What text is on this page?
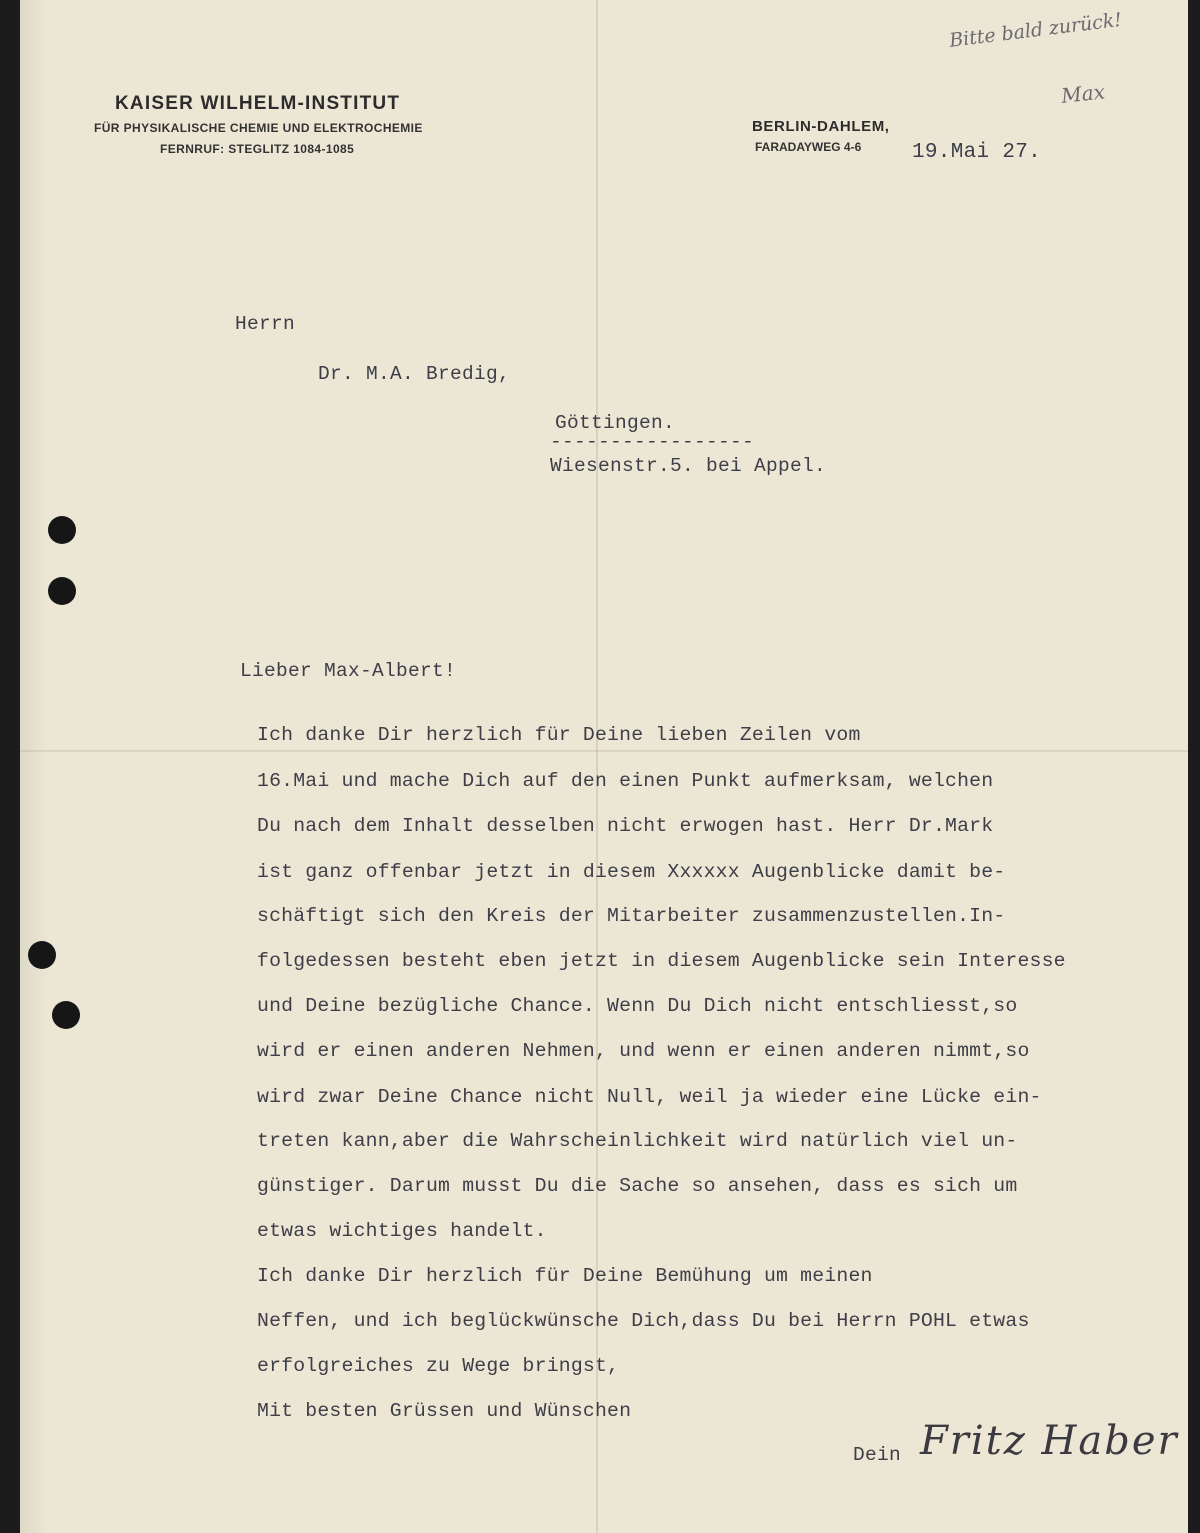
KAISER WILHELM-INSTITUT
FÜR PHYSIKALISCHE CHEMIE UND ELEKTROCHEMIE
FERNRUF: STEGLITZ 1084-1085
BERLIN-DAHLEM,
FARADAYWEG 4-6 19.Mai 27.
Bitte bald zurück!
Max
Herrn
Dr. M.A. Bredig,
Göttingen.
-----------------
Wiesenstr.5. bei Appel.
Lieber Max-Albert!
Ich danke Dir herzlich für Deine lieben Zeilen vom
16.Mai und mache Dich auf den einen Punkt aufmerksam, welchen
Du nach dem Inhalt desselben nicht erwogen hast. Herr Dr.Mark
ist ganz offenbar jetzt in diesem Xxxxxx Augenblicke damit be-
schäftigt sich den Kreis der Mitarbeiter zusammenzustellen.In-
folgedessen besteht eben jetzt in diesem Augenblicke sein Interesse
und Deine bezügliche Chance. Wenn Du Dich nicht entschliesst,so
wird er einen anderen Nehmen, und wenn er einen anderen nimmt,so
wird zwar Deine Chance nicht Null, weil ja wieder eine Lücke ein-
treten kann,aber die Wahrscheinlichkeit wird natürlich viel un-
günstiger. Darum musst Du die Sache so ansehen, dass es sich um
etwas wichtiges handelt.
Ich danke Dir herzlich für Deine Bemühung um meinen
Neffen, und ich beglückwünsche Dich,dass Du bei Herrn POHL etwas
erfolgreiches zu Wege bringst,
Mit besten Grüssen und Wünschen
Dein Fritz Haber
